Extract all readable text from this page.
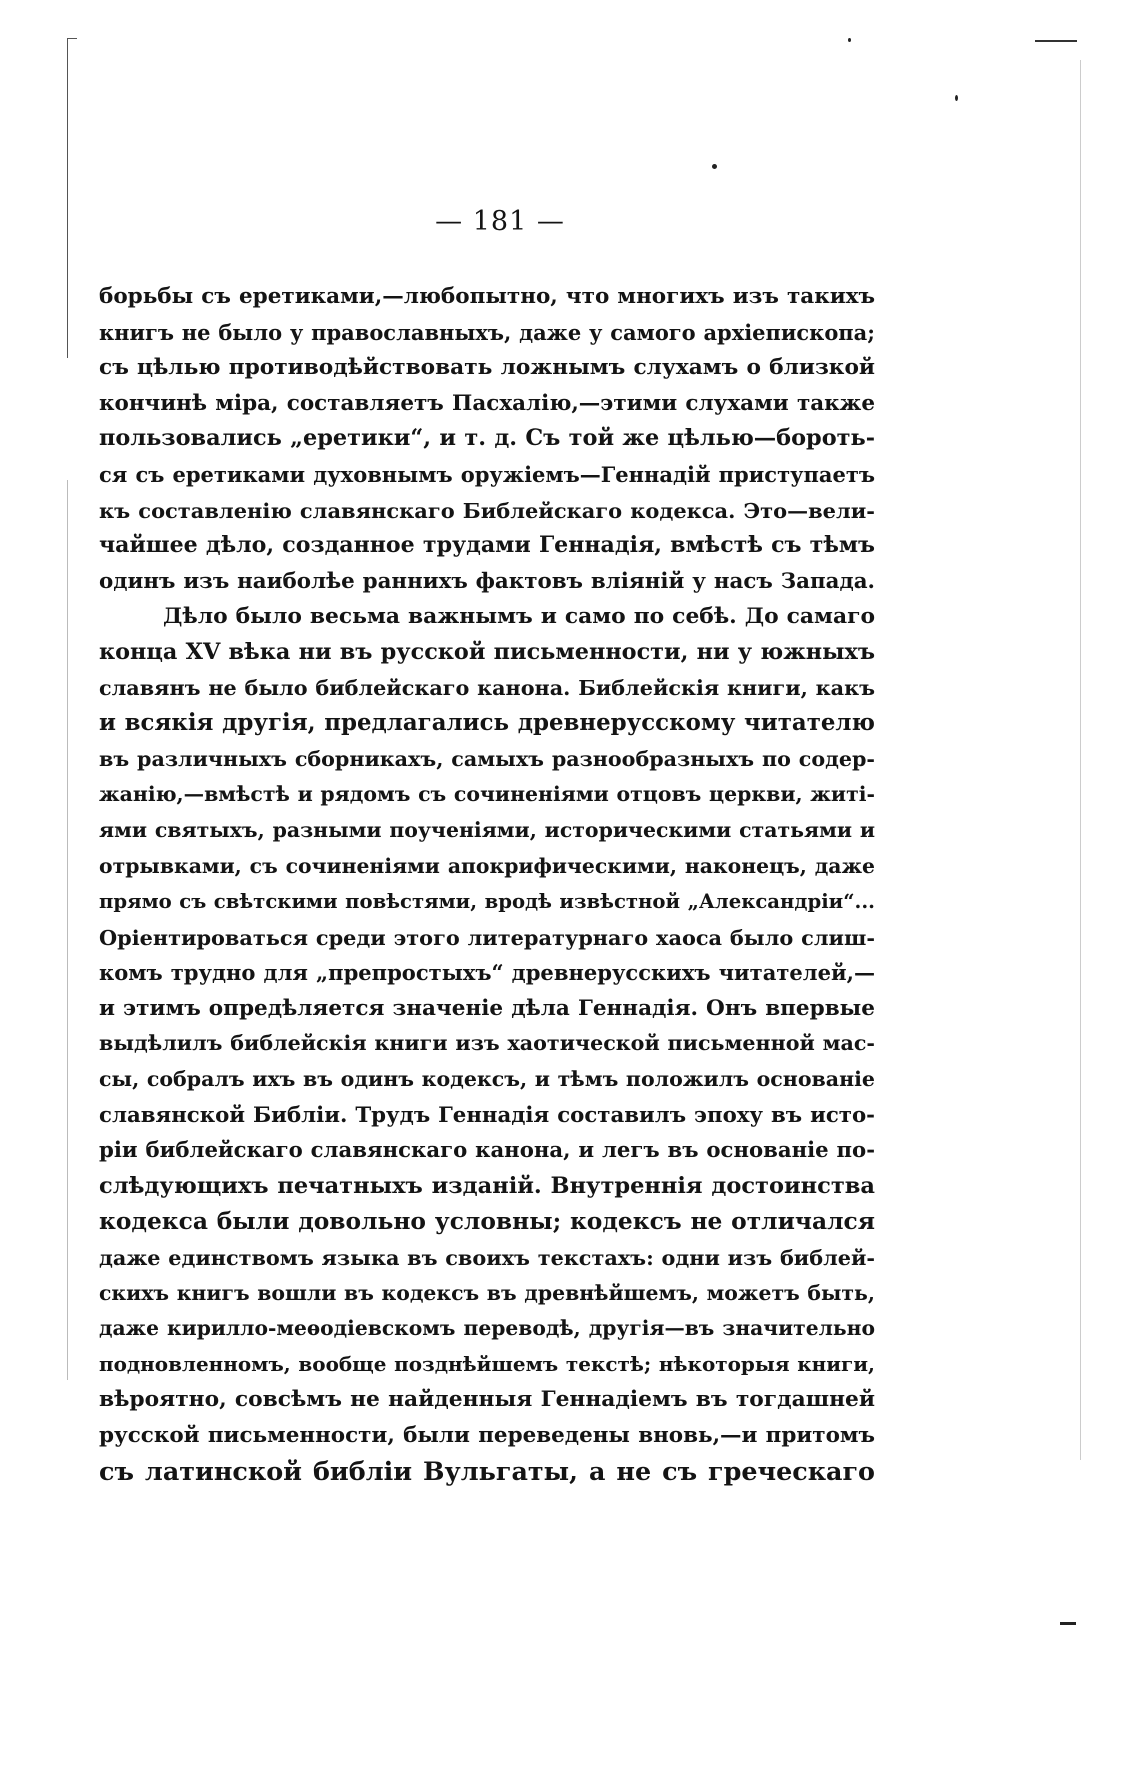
— 181 —
борьбы съ еретиками,—любопытно, что многихъ изъ такихъ
книгъ не было у православныхъ, даже у самого архіепископа;
съ цѣлью противодѣйствовать ложнымъ слухамъ о близкой
кончинѣ міра, составляетъ Пасхалію,—этими слухами также
пользовались „еретики“, и т. д. Съ той же цѣлью—бороть-
ся съ еретиками духовнымъ оружіемъ—Геннадій приступаетъ
къ составленію славянскаго Библейскаго кодекса. Это—вели-
чайшее дѣло, созданное трудами Геннадія, вмѣстѣ съ тѣмъ
одинъ изъ наиболѣе раннихъ фактовъ вліяній у насъ Запада.
Дѣло было весьма важнымъ и само по себѣ. До самаго
конца XV вѣка ни въ русской письменности, ни у южныхъ
славянъ не было библейскаго канона. Библейскія книги, какъ
и всякія другія, предлагались древнерусскому читателю
въ различныхъ сборникахъ, самыхъ разнообразныхъ по содер-
жанію,—вмѣстѣ и рядомъ съ сочиненіями отцовъ церкви, житі-
ями святыхъ, разными поученіями, историческими статьями и
отрывками, съ сочиненіями апокрифическими, наконецъ, даже
прямо съ свѣтскими повѣстями, вродѣ извѣстной „Александріи“...
Оріентироваться среди этого литературнаго хаоса было слиш-
комъ трудно для „препростыхъ“ древнерусскихъ читателей,—
и этимъ опредѣляется значеніе дѣла Геннадія. Онъ впервые
выдѣлилъ библейскія книги изъ хаотической письменной мас-
сы, собралъ ихъ въ одинъ кодексъ, и тѣмъ положилъ основаніе
славянской Библіи. Трудъ Геннадія составилъ эпоху въ исто-
ріи библейскаго славянскаго канона, и легъ въ основаніе по-
слѣдующихъ печатныхъ изданій. Внутреннія достоинства
кодекса были довольно условны; кодексъ не отличался
даже единствомъ языка въ своихъ текстахъ: одни изъ библей-
скихъ книгъ вошли въ кодексъ въ древнѣйшемъ, можетъ быть,
даже кирилло-меѳодіевскомъ переводѣ, другія—въ значительно
подновленномъ, вообще позднѣйшемъ текстѣ; нѣкоторыя книги,
вѣроятно, совсѣмъ не найденныя Геннадіемъ въ тогдашней
русской письменности, были переведены вновь,—и притомъ
съ латинской библіи Вульгаты, а не съ греческаго
